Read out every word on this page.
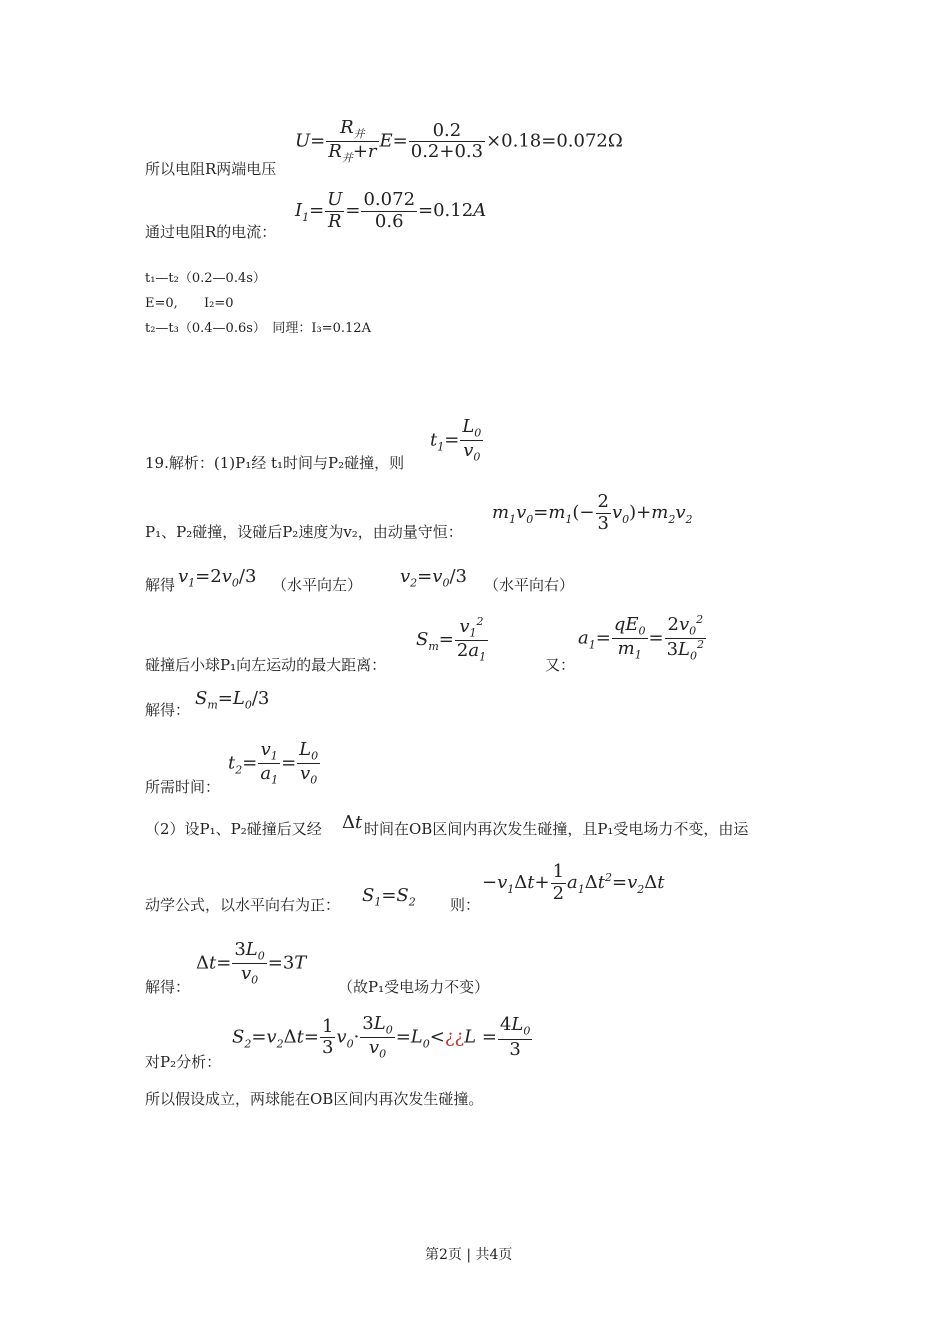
$U= \frac{R_并}{R_并+r} E= \frac{0.2}{0.2+0.3} \times 0.18=0.072\Omega$
所以电阻R两端电压
$I_1= \frac{U}{R} = \frac{0.072}{0.6} =0.12A$
通过电阻R的电流：
t₁—t₂（0.2—0.4s）
E=0, I₂=0
t₂—t₃（0.4—0.6s）　同理：I₃=0.12A
$t_1= \frac{L_0}{v_0}$
19.解析：(1)P₁经 t₁时间与P₂碰撞，则
$m_1v_0=m_1(- \frac{2}{3} v_0)+m_2v_2$
P₁、P₂碰撞，设碰后P₂速度为v₂，由动量守恒：
解得 $v_1=2v_0/3$ （水平向左） $v_2=v_0/3$ （水平向右）
$S_m= \frac{v_1^2}{2a_1}$
碰撞后小球P₁向左运动的最大距离：	又：
$a_1= \frac{qE_0}{m_1} = \frac{2v_0^2}{3L_0^2}$
解得：
$S_m=L_0/3$
$t_2= \frac{v_1}{a_1} = \frac{L_0}{v_0}$
所需时间：
（2）设P₁、P₂碰撞后又经 Δt 时间在OB区间内再次发生碰撞，且P₁受电场力不变，由运
动学公式，以水平向右为正： $S_1=S_2$ 则：
$-v_1\Delta t+ \frac{1}{2} a_1\Delta t^2=v_2\Delta t$
$\Delta t= \frac{3L_0}{v_0} =3T$
解得：	（故P₁受电场力不变）
$S_2=v_2\Delta t= \frac{1}{3} v_0\cdot \frac{3L_0}{v_0}$ $=L_0<¿¿L = \frac{4L_0}{3}$
对P₂分析：
所以假设成立，两球能在OB区间内再次发生碰撞。
第2页 | 共4页
